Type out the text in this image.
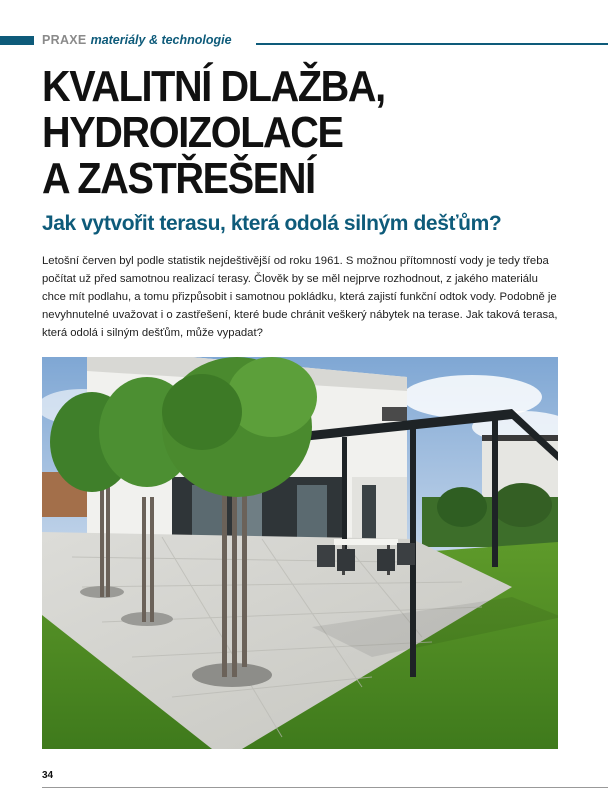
PRAXE materiály & technologie
KVALITNÍ DLAŽBA,
HYDROIZOLACE
A ZASTŘEŠENÍ
Jak vytvořit terasu, která odolá silným dešťům?

Letošní červen byl podle statistik nejdeštivější od roku 1961. S možnou přítomností vody je tedy třeba počítat už před samotnou realizací terasy. Člověk by se měl nejprve rozhodnout, z jakého materiálu chce mít podlahu, a tomu přizpůsobit i samotnou pokládku, která zajistí funkční odtok vody. Podobně je nevyhnutelné uvažovat i o zastřešení, které bude chránit veškerý nábytek na terase. Jak taková terasa, která odolá i silným dešťům, může vypadat?

34
